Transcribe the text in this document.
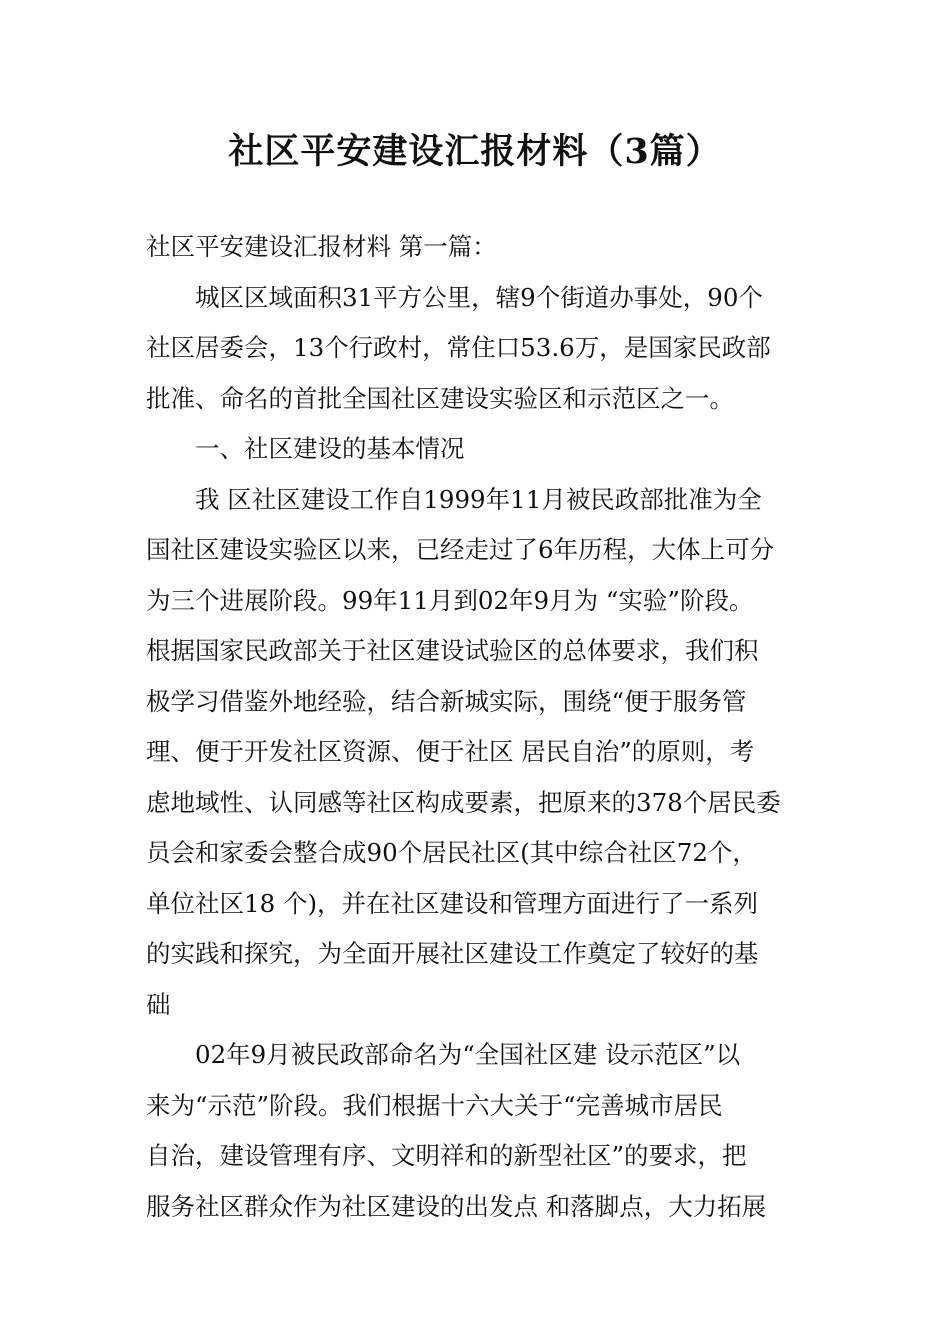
社区平安建设汇报材料（3篇）

社区平安建设汇报材料 第一篇：

城区区域面积31平方公里，辖9个街道办事处，90个
社区居委会，13个行政村，常住口53.6万，是国家民政部
批准、命名的首批全国社区建设实验区和示范区之一。

一、社区建设的基本情况

我 区社区建设工作自1999年11月被民政部批准为全
国社区建设实验区以来，已经走过了6年历程，大体上可分
为三个进展阶段。99年11月到02年9月为 “实验”阶段。
根据国家民政部关于社区建设试验区的总体要求，我们积
极学习借鉴外地经验，结合新城实际，围绕“便于服务管
理、便于开发社区资源、便于社区 居民自治”的原则，考
虑地域性、认同感等社区构成要素，把原来的378个居民委
员会和家委会整合成90个居民社区(其中综合社区72个，
单位社区18 个)，并在社区建设和管理方面进行了一系列
的实践和探究，为全面开展社区建设工作奠定了较好的基
础

02年9月被民政部命名为“全国社区建 设示范区”以
来为“示范”阶段。我们根据十六大关于“完善城市居民
自治，建设管理有序、文明祥和的新型社区”的要求，把
服务社区群众作为社区建设的出发点 和落脚点，大力拓展
